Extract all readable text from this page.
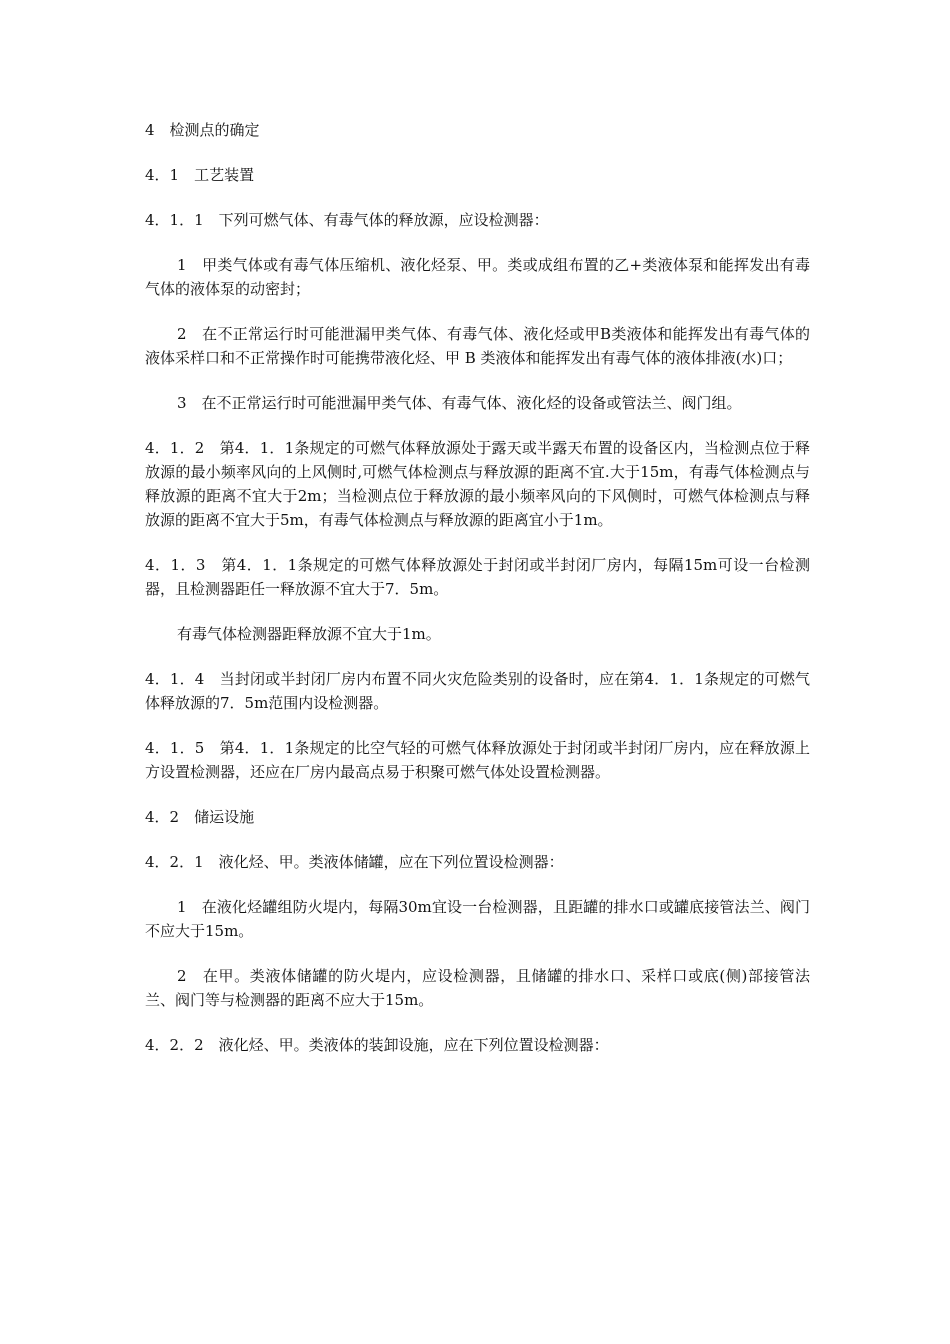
4　检测点的确定

4．1　工艺装置

4．1．1　下列可燃气体、有毒气体的释放源，应设检测器：

1　甲类气体或有毒气体压缩机、液化烃泵、甲。类或成组布置的乙+类液体泵和能挥发出有毒气体的液体泵的动密封；

2　在不正常运行时可能泄漏甲类气体、有毒气体、液化烃或甲B类液体和能挥发出有毒气体的液体采样口和不正常操作时可能携带液化烃、甲 B 类液体和能挥发出有毒气体的液体排液(水)口；

3　在不正常运行时可能泄漏甲类气体、有毒气体、液化烃的设备或管法兰、阀门组。

4．1．2　第4．1．1条规定的可燃气体释放源处于露天或半露天布置的设备区内，当检测点位于释放源的最小频率风向的上风侧时,可燃气体检测点与释放源的距离不宜.大于15m，有毒气体检测点与释放源的距离不宜大于2m；当检测点位于释放源的最小频率风向的下风侧时，可燃气体检测点与释放源的距离不宜大于5m，有毒气体检测点与释放源的距离宜小于1m。

4．1．3　第4．1．1条规定的可燃气体释放源处于封闭或半封闭厂房内，每隔15m可设一台检测器，且检测器距任一释放源不宜大于7．5m。

有毒气体检测器距释放源不宜大于1m。

4．1．4　当封闭或半封闭厂房内布置不同火灾危险类别的设备时，应在第4．1．1条规定的可燃气体释放源的7．5m范围内设检测器。

4．1．5　第4．1．1条规定的比空气轻的可燃气体释放源处于封闭或半封闭厂房内，应在释放源上方设置检测器，还应在厂房内最高点易于积聚可燃气体处设置检测器。

4．2　储运设施

4．2．1　液化烃、甲。类液体储罐，应在下列位置设检测器：

1　在液化烃罐组防火堤内，每隔30m宜设一台检测器，且距罐的排水口或罐底接管法兰、阀门不应大于15m。

2　在甲。类液体储罐的防火堤内，应设检测器，且储罐的排水口、采样口或底(侧)部接管法兰、阀门等与检测器的距离不应大于15m。

4．2．2　液化烃、甲。类液体的装卸设施，应在下列位置设检测器：
